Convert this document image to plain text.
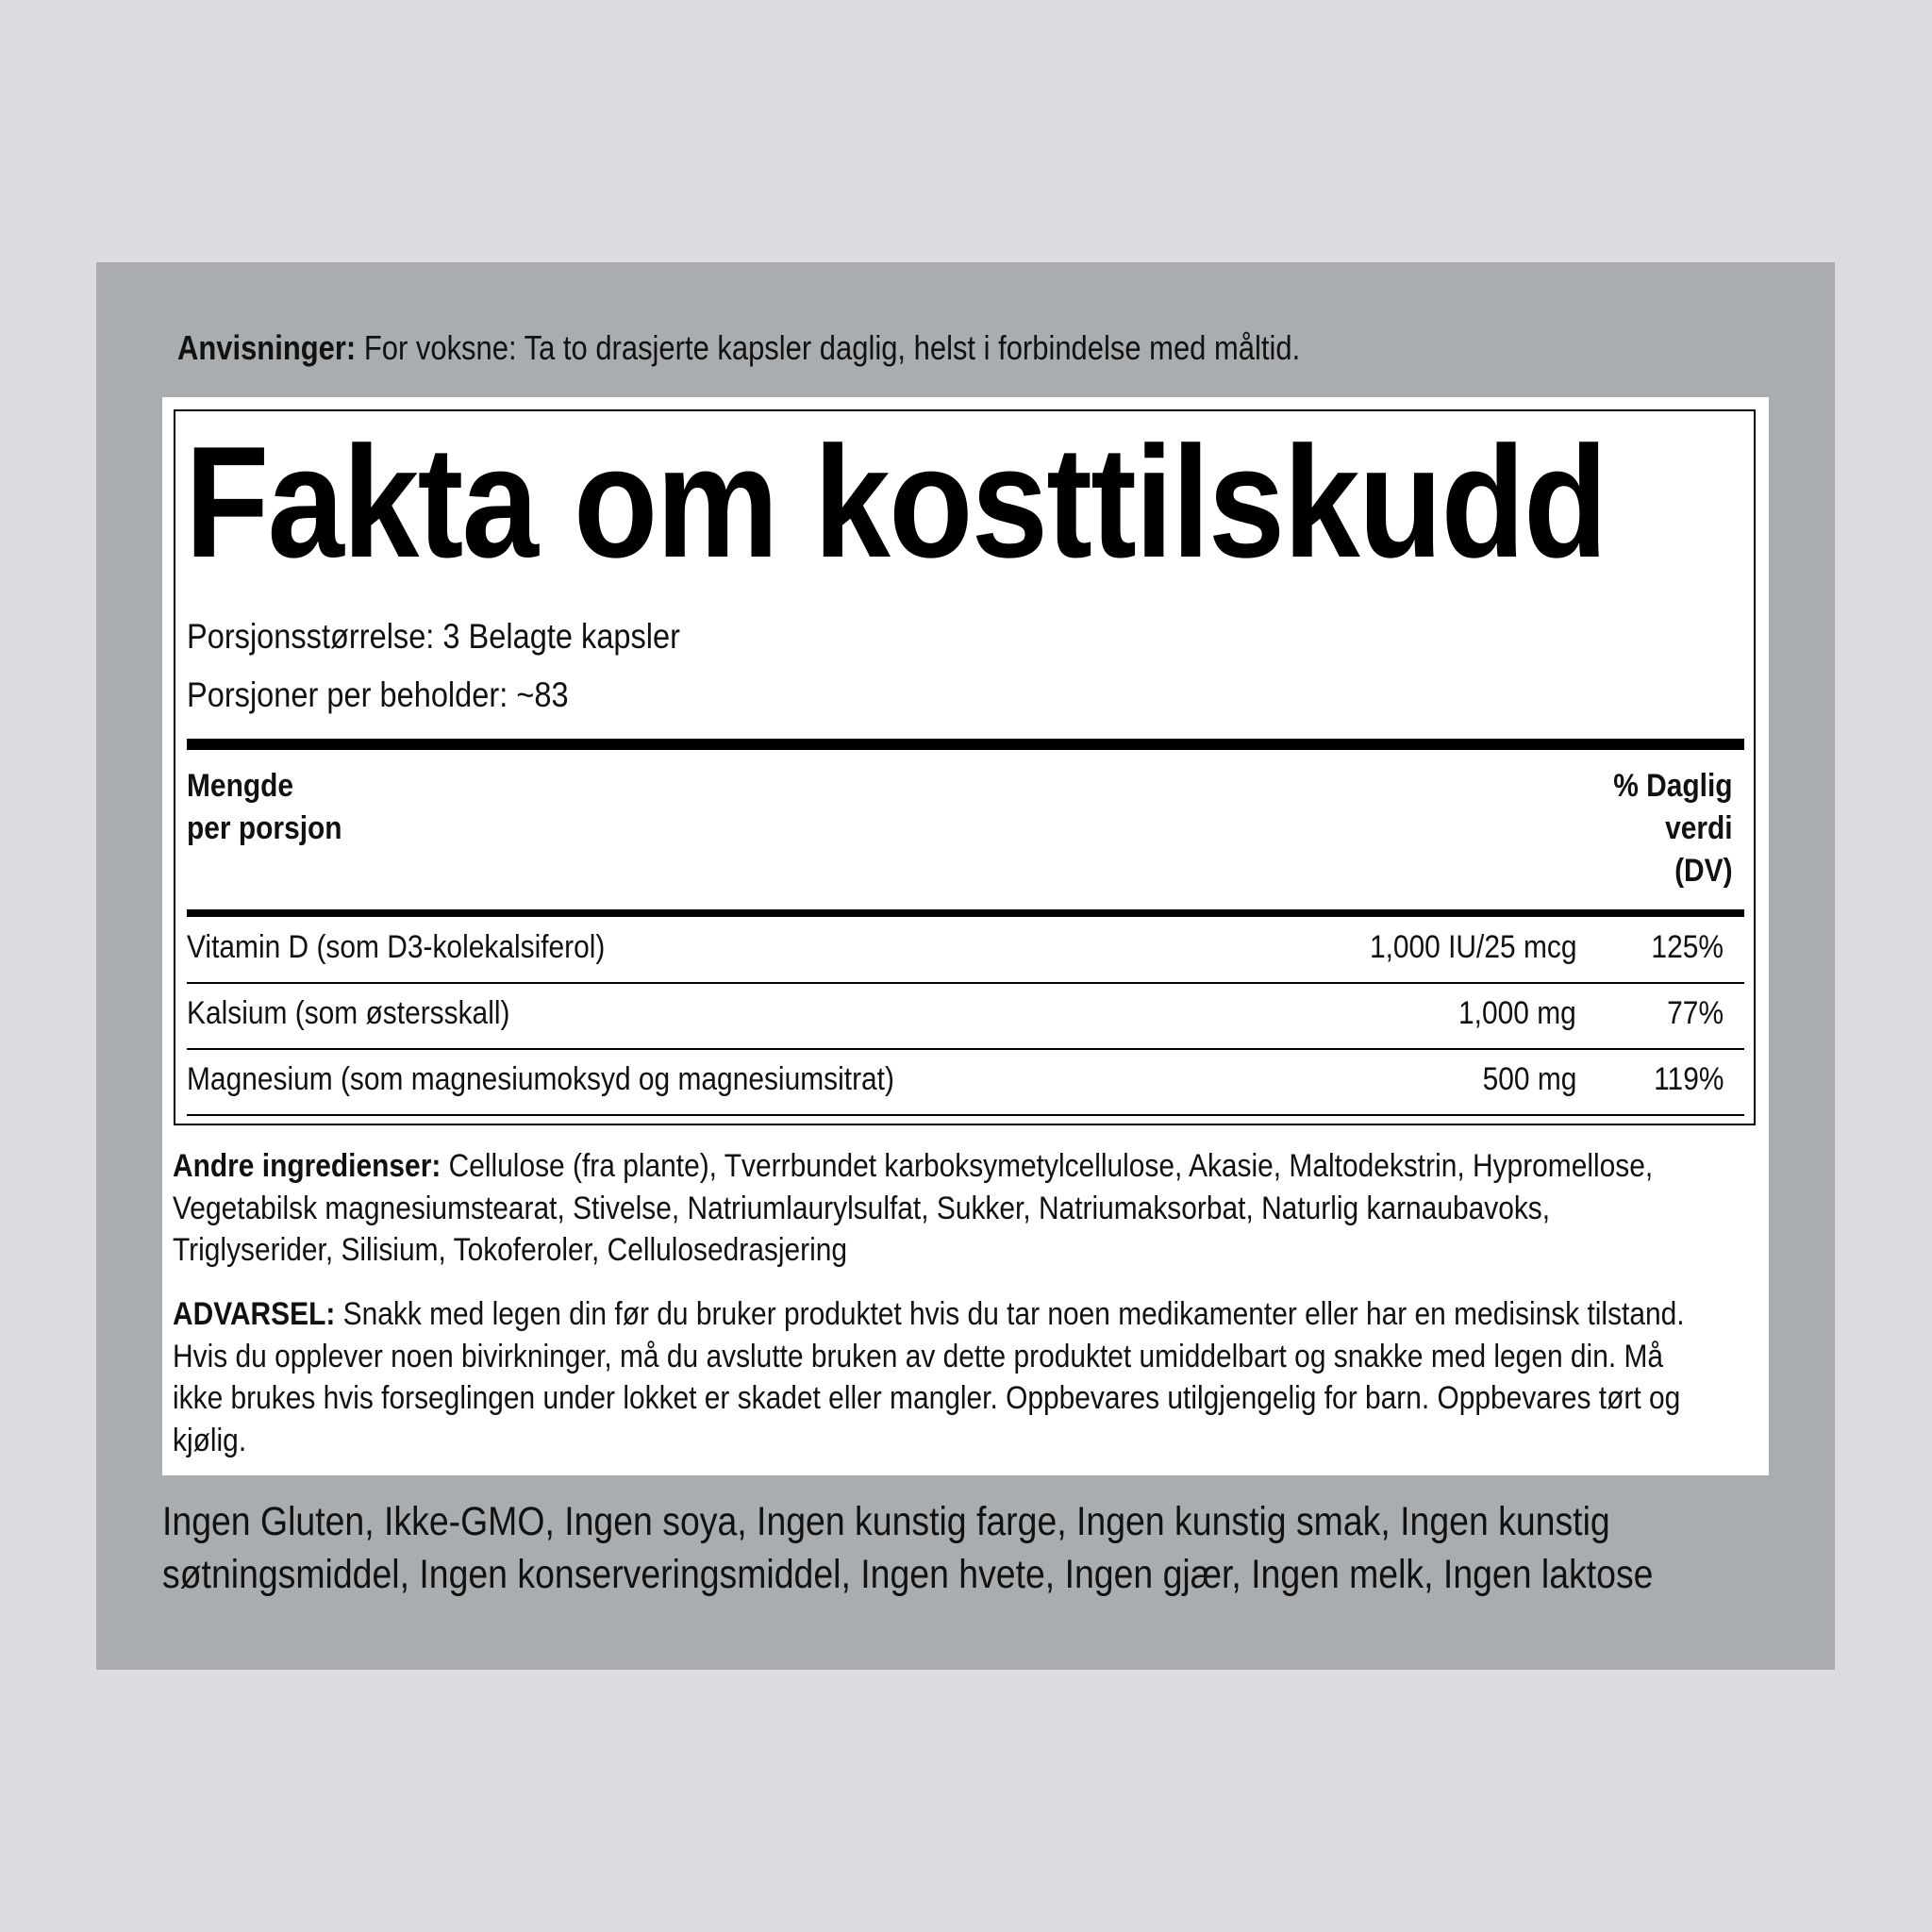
Anvisninger: For voksne: Ta to drasjerte kapsler daglig, helst i forbindelse med måltid.
Fakta om kosttilskudd
Porsjonsstørrelse: 3 Belagte kapsler
Porsjoner per beholder: ~83
Mengde
per porsjon
% Daglig
verdi
(DV)
Vitamin D (som D3-kolekalsiferol)	1,000 IU/25 mcg 125%
Kalsium (som østersskall)	1,000 mg	77%
Magnesium (som magnesiumoksyd og magnesiumsitrat)	500 mg 119%
Andre ingredienser: Cellulose (fra plante), Tverrbundet karboksymetylcellulose, Akasie, Maltodekstrin, Hypromellose,
Vegetabilsk magnesiumstearat, Stivelse, Natriumlaurylsulfat, Sukker, Natriumaksorbat, Naturlig karnaubavoks,
Triglyserider, Silisium, Tokoferoler, Cellulosedrasjering
ADVARSEL: Snakk med legen din før du bruker produktet hvis du tar noen medikamenter eller har en medisinsk tilstand.
Hvis du opplever noen bivirkninger, må du avslutte bruken av dette produktet umiddelbart og snakke med legen din. Må
ikke brukes hvis forseglingen under lokket er skadet eller mangler. Oppbevares utilgjengelig for barn. Oppbevares tørt og
kjølig.
Ingen Gluten, Ikke-GMO, Ingen soya, Ingen kunstig farge, Ingen kunstig smak, Ingen kunstig
søtningsmiddel, Ingen konserveringsmiddel, Ingen hvete, Ingen gjær, Ingen melk, Ingen laktose
